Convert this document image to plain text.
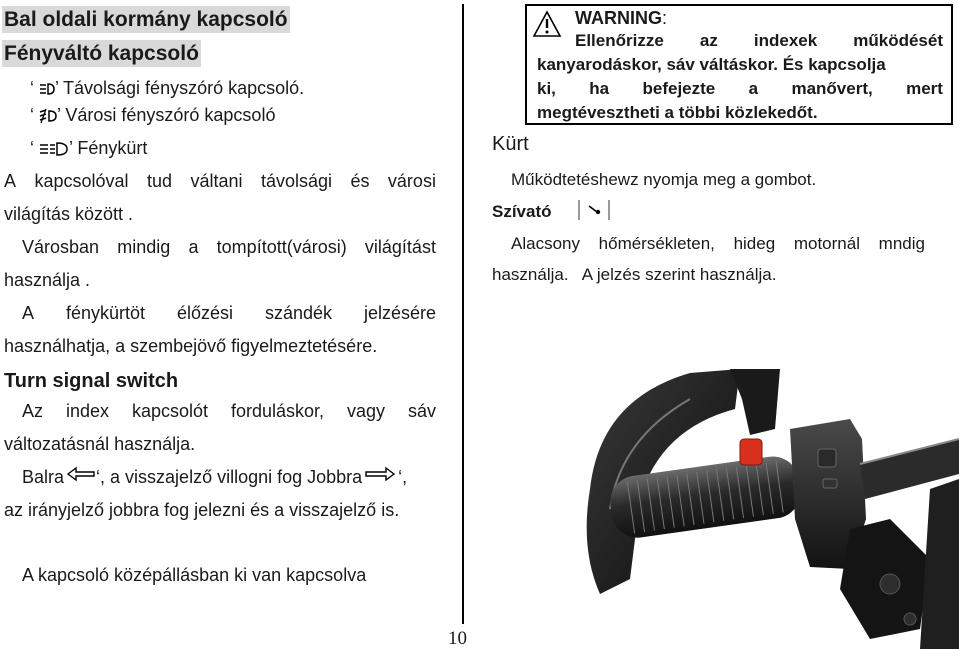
Bal oldali kormány kapcsoló
Fényváltó kapcsoló
‘ ’ Távolsági fényszóró kapcsoló.
‘ ’ Városi fényszóró kapcsoló
‘ ’ Fénykürt
A kapcsolóval tud váltani távolsági és városi
világítás között .
Városban mindig a tompított(városi) világítást
használja .
A fénykürtöt élőzési szándék jelzésére
használhatja, a szembejövő figyelmeztetésére.
Turn signal switch
Az index kapcsolót forduláskor, vagy sáv
változatásnál használja.
Balra ‘, a visszajelző villogni fog Jobbra ‘,
az irányjelző jobbra fog jelezni és a visszajelző is.
A kapcsoló középállásban ki van kapcsolva
WARNING:
Ellenőrizze az indexek működését
kanyarodáskor, sáv váltáskor. És kapcsolja
ki, ha befejezte a manővert, mert
megtévesztheti a többi közlekedőt.
Kürt
Működtetéshewz nyomja meg a gombot.
Szívató
Alacsony hőmérsékleten, hideg motornál mndig
használja.   A jelzés szerint használja.
10
